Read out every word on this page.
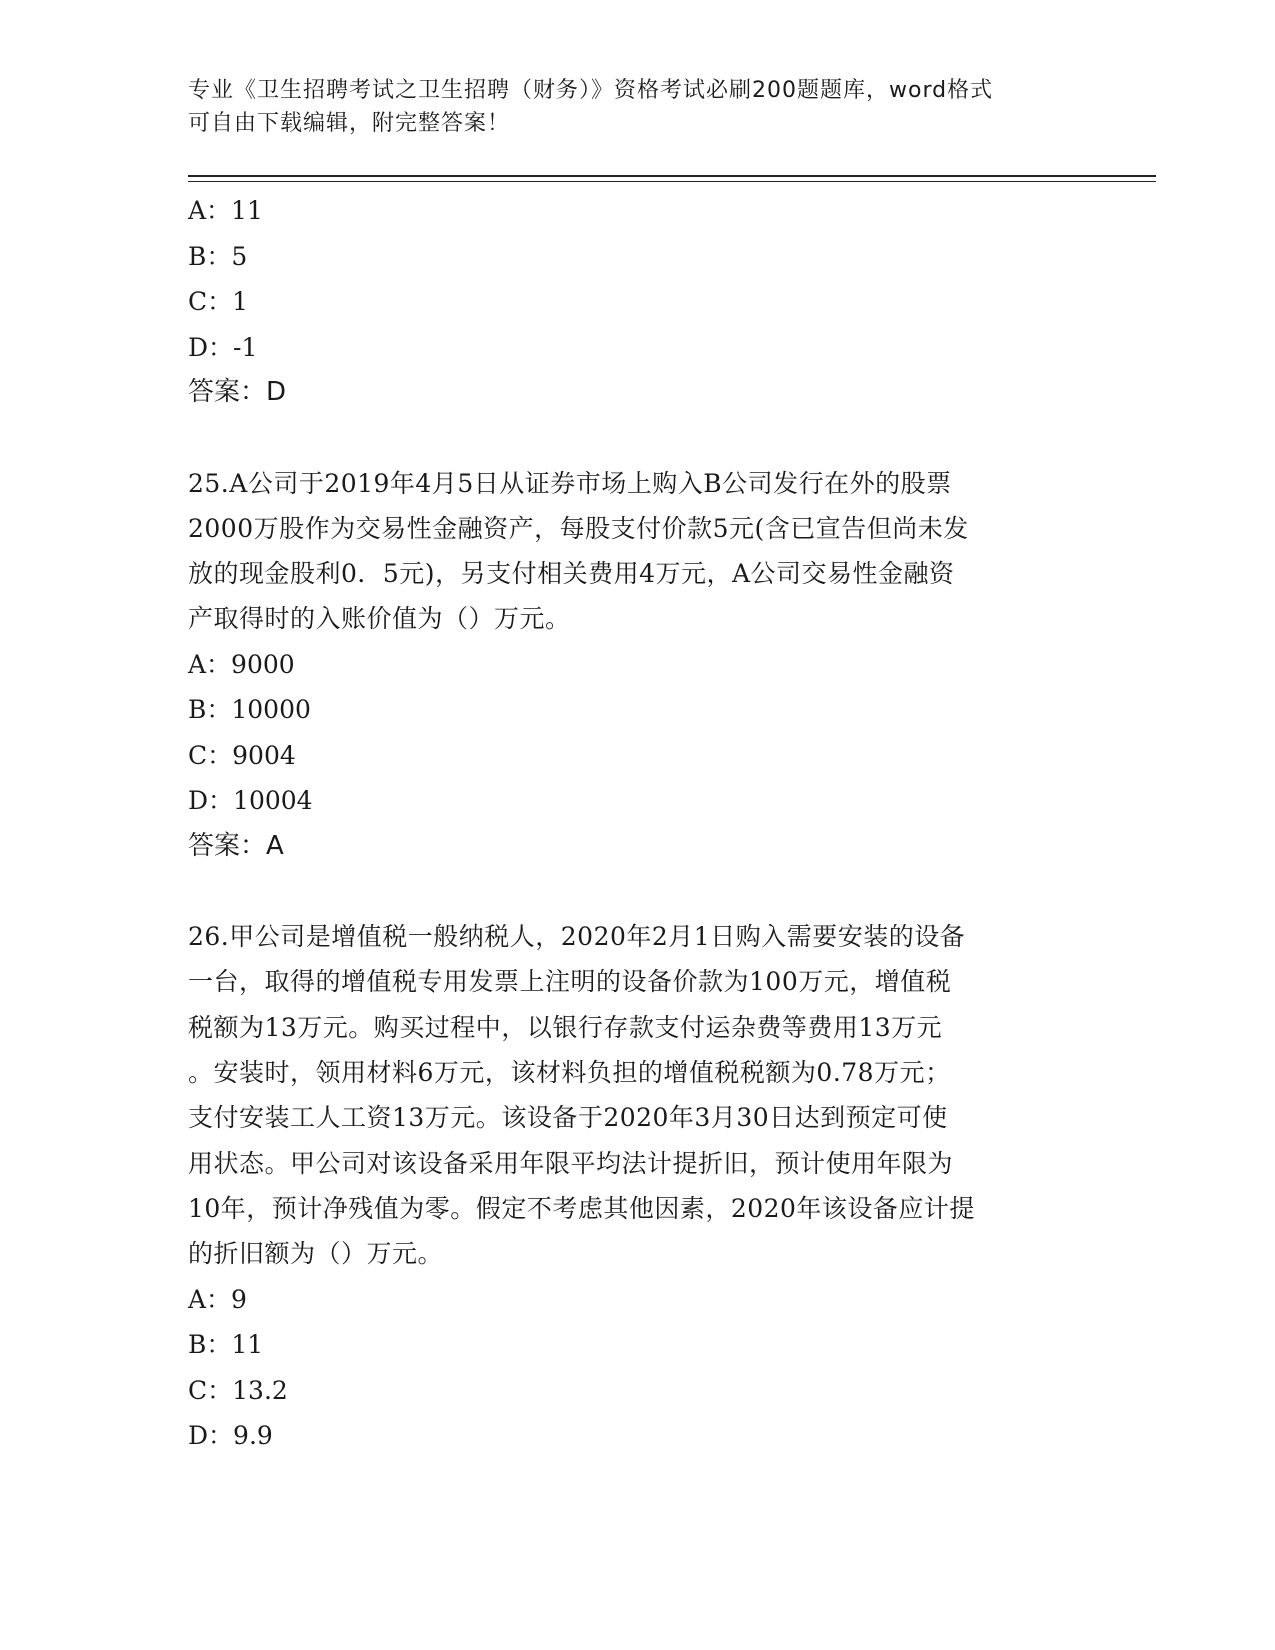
专业《卫生招聘考试之卫生招聘（财务）》资格考试必刷200题题库，word格式
可自由下载编辑，附完整答案！
A：11
B：5
C：1
D：-1
答案：D
25.A公司于2019年4月5日从证券市场上购入B公司发行在外的股票
2000万股作为交易性金融资产，每股支付价款5元(含已宣告但尚未发
放的现金股利0．5元)，另支付相关费用4万元，A公司交易性金融资
产取得时的入账价值为（）万元。
A：9000
B：10000
C：9004
D：10004
答案：A
26.甲公司是增值税一般纳税人，2020年2月1日购入需要安装的设备
一台，取得的增值税专用发票上注明的设备价款为100万元，增值税
税额为13万元。购买过程中，以银行存款支付运杂费等费用13万元
。安装时，领用材料6万元，该材料负担的增值税税额为0.78万元；
支付安装工人工资13万元。该设备于2020年3月30日达到预定可使
用状态。甲公司对该设备采用年限平均法计提折旧，预计使用年限为
10年，预计净残值为零。假定不考虑其他因素，2020年该设备应计提
的折旧额为（）万元。
A：9
B：11
C：13.2
D：9.9
